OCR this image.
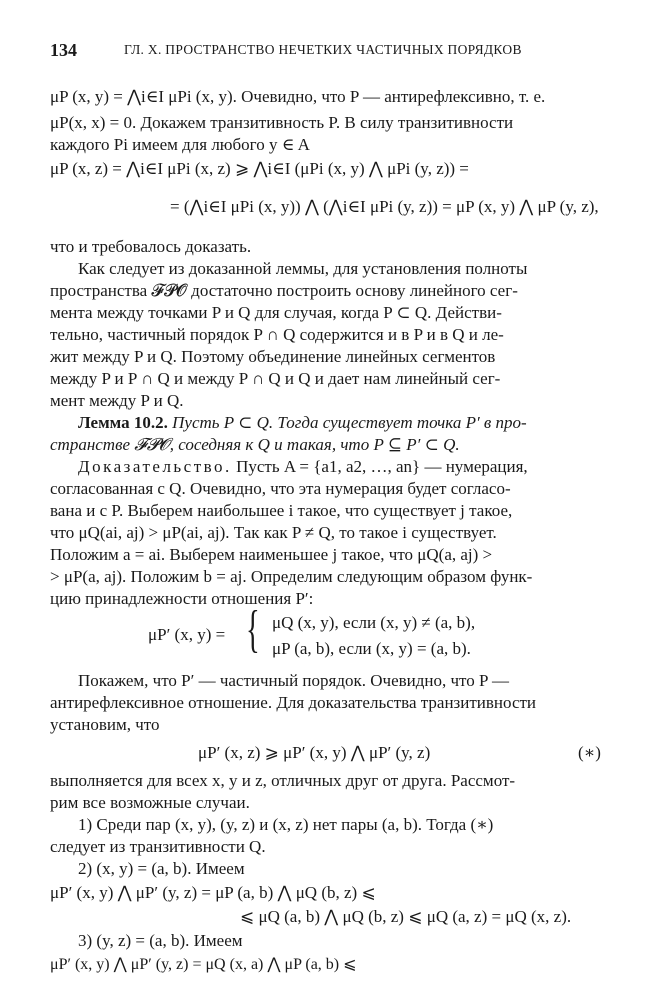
134	ГЛ. X. ПРОСТРАНСТВО НЕЧЕТКИХ ЧАСТИЧНЫХ ПОРЯДКОВ
μP (x, y) = ⋀i∈I μPi (x, y). Очевидно, что P — антирефлексивно, т. е.
μP(x, x) = 0. Докажем транзитивность P. В силу транзитивности
каждого Pi имеем для любого y ∈ A
μP (x, z) = ⋀i∈I μPi (x, z) ⩾ ⋀i∈I (μPi (x, y) ⋀ μPi (y, z)) =
= (⋀i∈I μPi (x, y)) ⋀ (⋀i∈I μPi (y, z)) = μP (x, y) ⋀ μP (y, z),
что и требовалось доказать.
Как следует из доказанной леммы, для установления полноты
пространства 𝓕𝓟𝓞 достаточно построить основу линейного сег-
мента между точками P и Q для случая, когда P ⊂ Q. Действи-
тельно, частичный порядок P ∩ Q содержится и в P и в Q и ле-
жит между P и Q. Поэтому объединение линейных сегментов
между P и P ∩ Q и между P ∩ Q и Q и дает нам линейный сег-
мент между P и Q.
Лемма 10.2. Пусть P ⊂ Q. Тогда существует точка P′ в про-
странстве 𝓕𝓟𝓞, соседняя к Q и такая, что P ⊆ P′ ⊂ Q.
Доказательство. Пусть A = {a1, a2, …, an} — нумерация,
согласованная с Q. Очевидно, что эта нумерация будет согласо-
вана и с P. Выберем наибольшее i такое, что существует j такое,
что μQ(ai, aj) > μP(ai, aj). Так как P ≠ Q, то такое i существует.
Положим a = ai. Выберем наименьшее j такое, что μQ(a, aj) >
> μP(a, aj). Положим b = aj. Определим следующим образом функ-
цию принадлежности отношения P′:
μP′ (x, y) = { μQ (x, y), если (x, y) ≠ (a, b),
μP (a, b), если (x, y) = (a, b).
Покажем, что P′ — частичный порядок. Очевидно, что P —
антирефлексивное отношение. Для доказательства транзитивности
установим, что
μP′ (x, z) ⩾ μP′ (x, y) ⋀ μP′ (y, z)	(∗)
выполняется для всех x, y и z, отличных друг от друга. Рассмот-
рим все возможные случаи.
1) Среди пар (x, y), (y, z) и (x, z) нет пары (a, b). Тогда (∗)
следует из транзитивности Q.
2) (x, y) = (a, b). Имеем
μP′ (x, y) ⋀ μP′ (y, z) = μP (a, b) ⋀ μQ (b, z) ⩽
⩽ μQ (a, b) ⋀ μQ (b, z) ⩽ μQ (a, z) = μQ (x, z).
3) (y, z) = (a, b). Имеем
μP′ (x, y) ⋀ μP′ (y, z) = μQ (x, a) ⋀ μP (a, b) ⩽
